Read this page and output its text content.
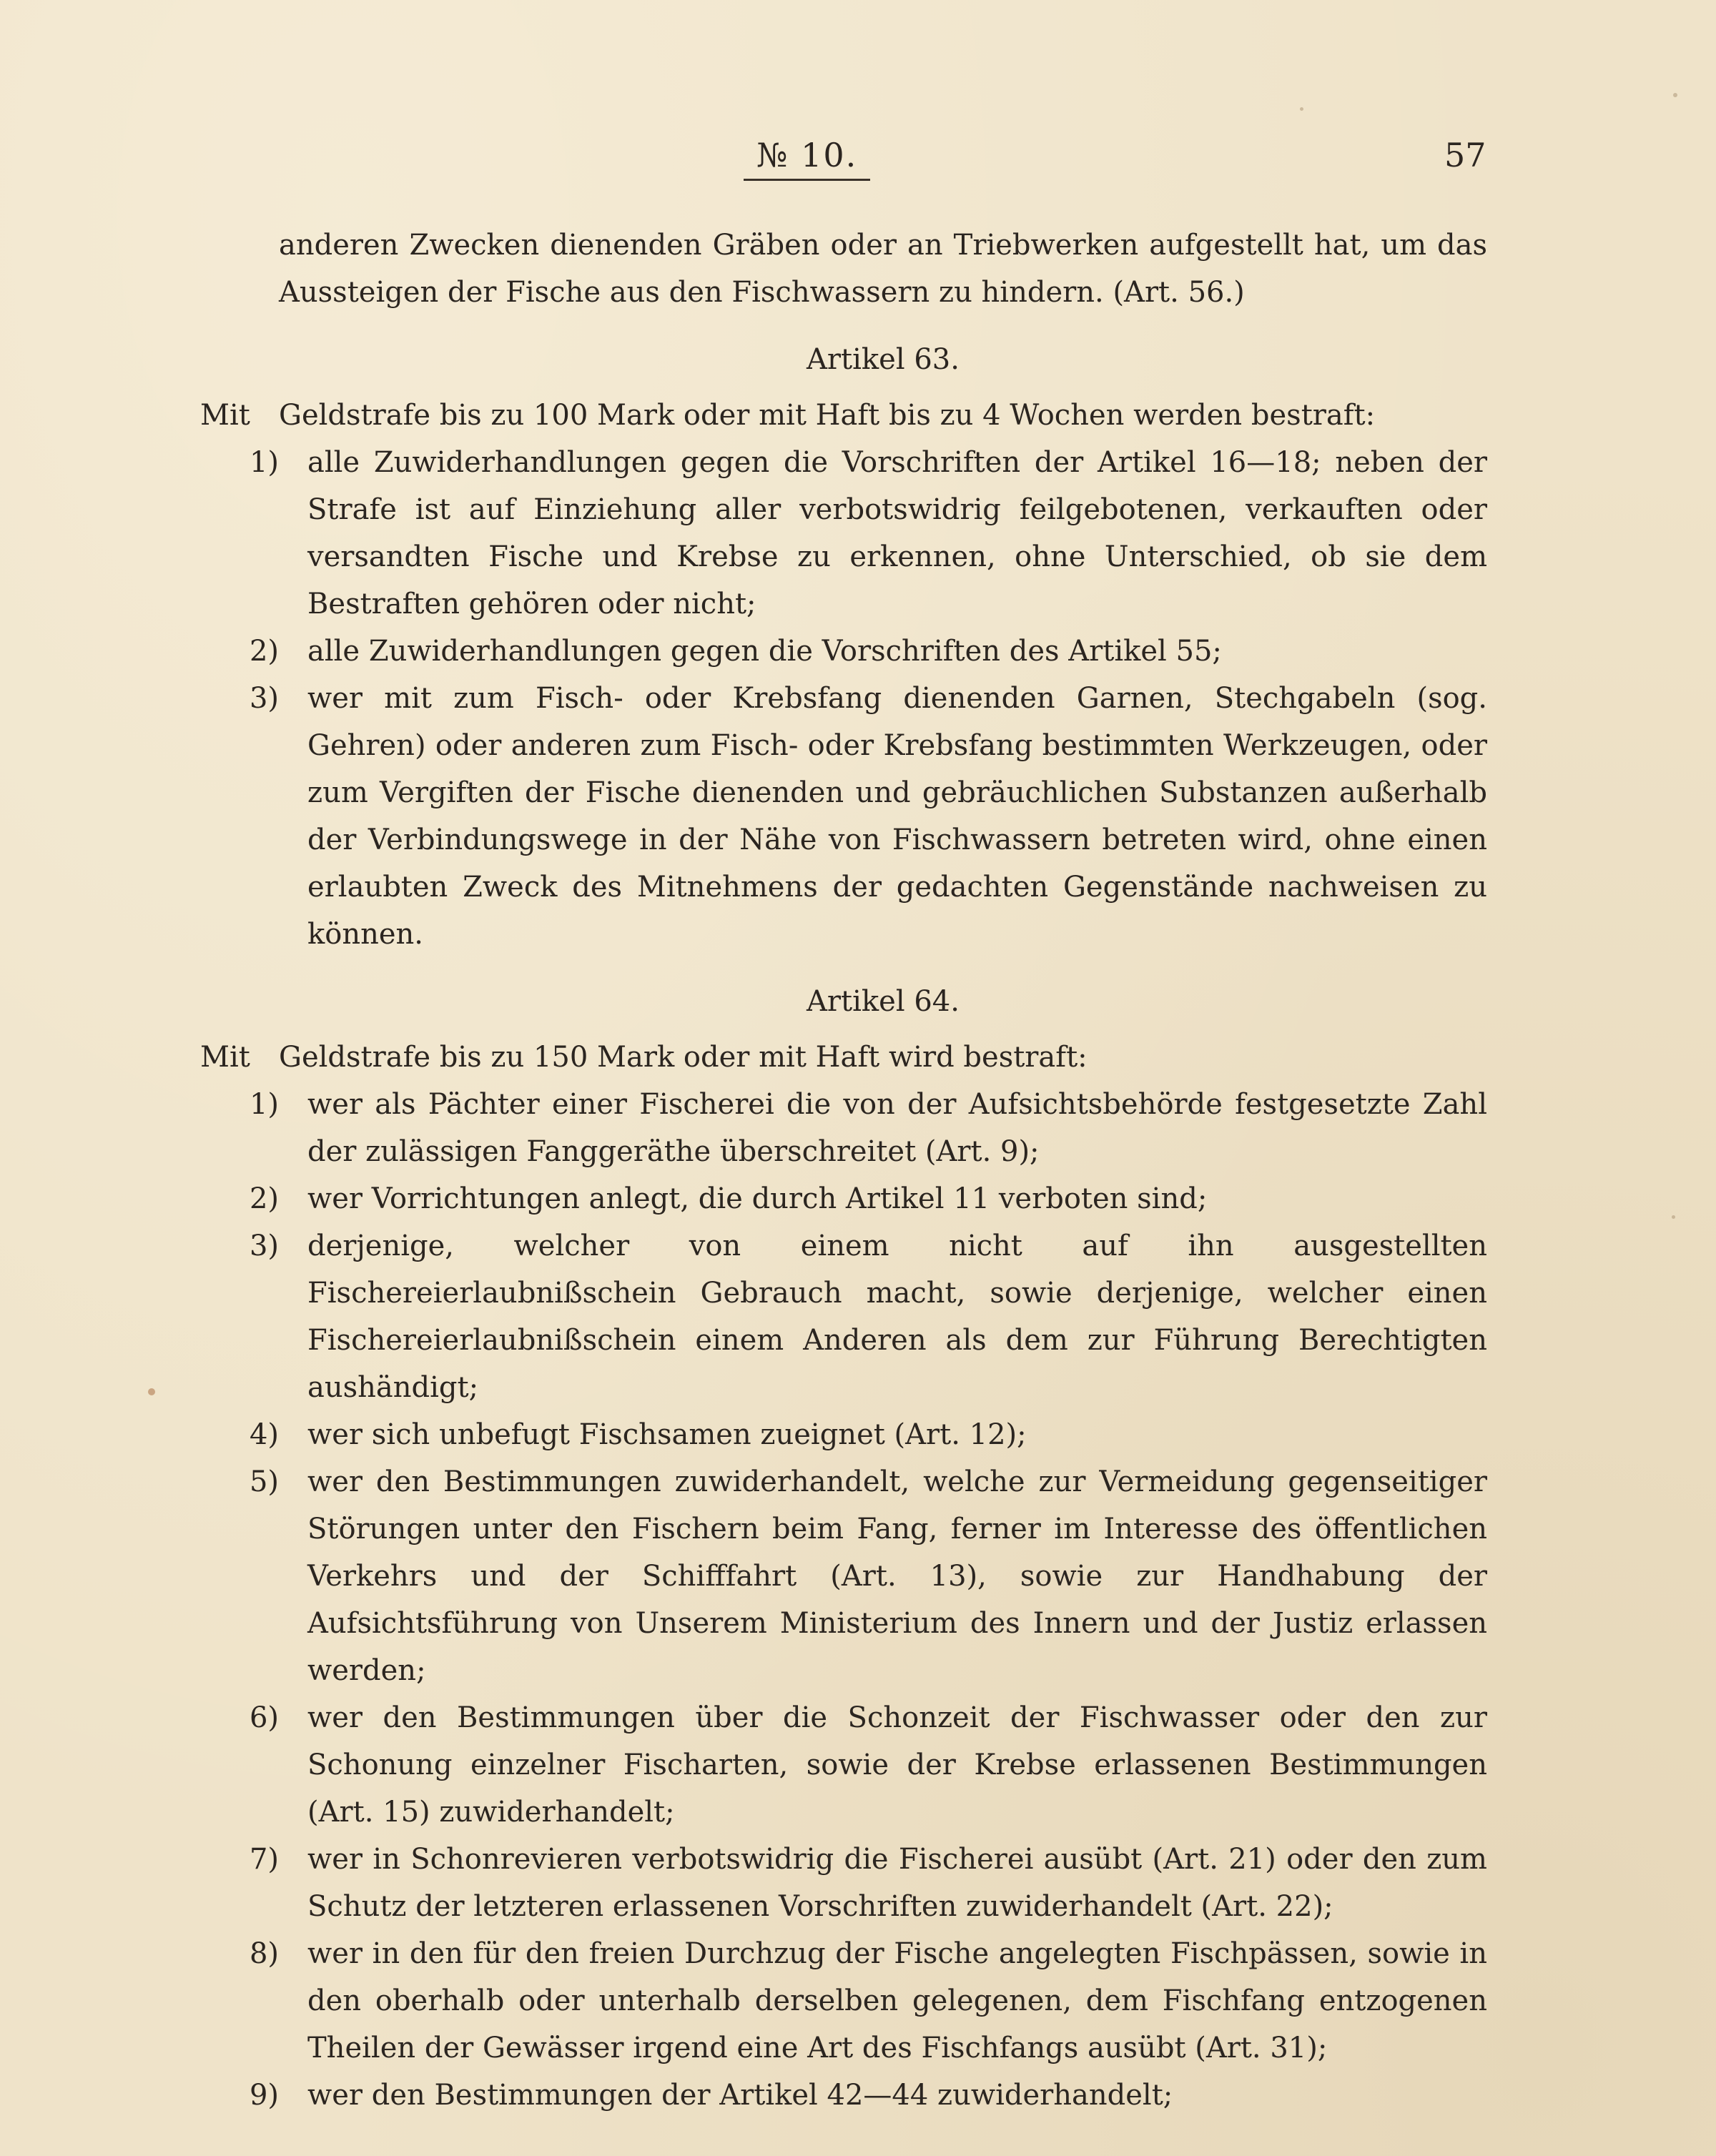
№ 10.	57

anderen Zwecken dienenden Gräben oder an Triebwerken aufgestellt hat, um das Aussteigen der Fische aus den Fischwassern zu hindern. (Art. 56.)

Artikel 63.
Mit	Geldstrafe bis zu 100 Mark oder mit Haft bis zu 4 Wochen werden bestraft:
1)	alle Zuwiderhandlungen gegen die Vorschriften der Artikel 16—18; neben der Strafe ist auf Einziehung aller verbotswidrig feilgebotenen, verkauften oder versandten Fische und Krebse zu erkennen, ohne Unterschied, ob sie dem Bestraften gehören oder nicht;
2)	alle Zuwiderhandlungen gegen die Vorschriften des Artikel 55;
3)	wer mit zum Fisch- oder Krebsfang dienenden Garnen, Stechgabeln (sog. Gehren) oder anderen zum Fisch- oder Krebsfang bestimmten Werkzeugen, oder zum Vergiften der Fische dienenden und gebräuchlichen Substanzen außerhalb der Verbindungswege in der Nähe von Fischwassern betreten wird, ohne einen erlaubten Zweck des Mitnehmens der gedachten Gegenstände nachweisen zu können.
Artikel 64.
Mit	Geldstrafe bis zu 150 Mark oder mit Haft wird bestraft:
1)	wer als Pächter einer Fischerei die von der Aufsichtsbehörde festgesetzte Zahl der zulässigen Fanggeräthe überschreitet (Art. 9);
2)	wer Vorrichtungen anlegt, die durch Artikel 11 verboten sind;
3)	derjenige, welcher von einem nicht auf ihn ausgestellten Fischereierlaubnißschein Gebrauch macht, sowie derjenige, welcher einen Fischereierlaubnißschein einem Anderen als dem zur Führung Berechtigten aushändigt;
4)	wer sich unbefugt Fischsamen zueignet (Art. 12);
5)	wer den Bestimmungen zuwiderhandelt, welche zur Vermeidung gegenseitiger Störungen unter den Fischern beim Fang, ferner im Interesse des öffentlichen Verkehrs und der Schifffahrt (Art. 13), sowie zur Handhabung der Aufsichtsführung von Unserem Ministerium des Innern und der Justiz erlassen werden;
6)	wer den Bestimmungen über die Schonzeit der Fischwasser oder den zur Schonung einzelner Fischarten, sowie der Krebse erlassenen Bestimmungen (Art. 15) zuwiderhandelt;
7)	wer in Schonrevieren verbotswidrig die Fischerei ausübt (Art. 21) oder den zum Schutz der letzteren erlassenen Vorschriften zuwiderhandelt (Art. 22);
8)	wer in den für den freien Durchzug der Fische angelegten Fischpässen, sowie in den oberhalb oder unterhalb derselben gelegenen, dem Fischfang entzogenen Theilen der Gewässer irgend eine Art des Fischfangs ausübt (Art. 31);
9)	wer den Bestimmungen der Artikel 42—44 zuwiderhandelt;
